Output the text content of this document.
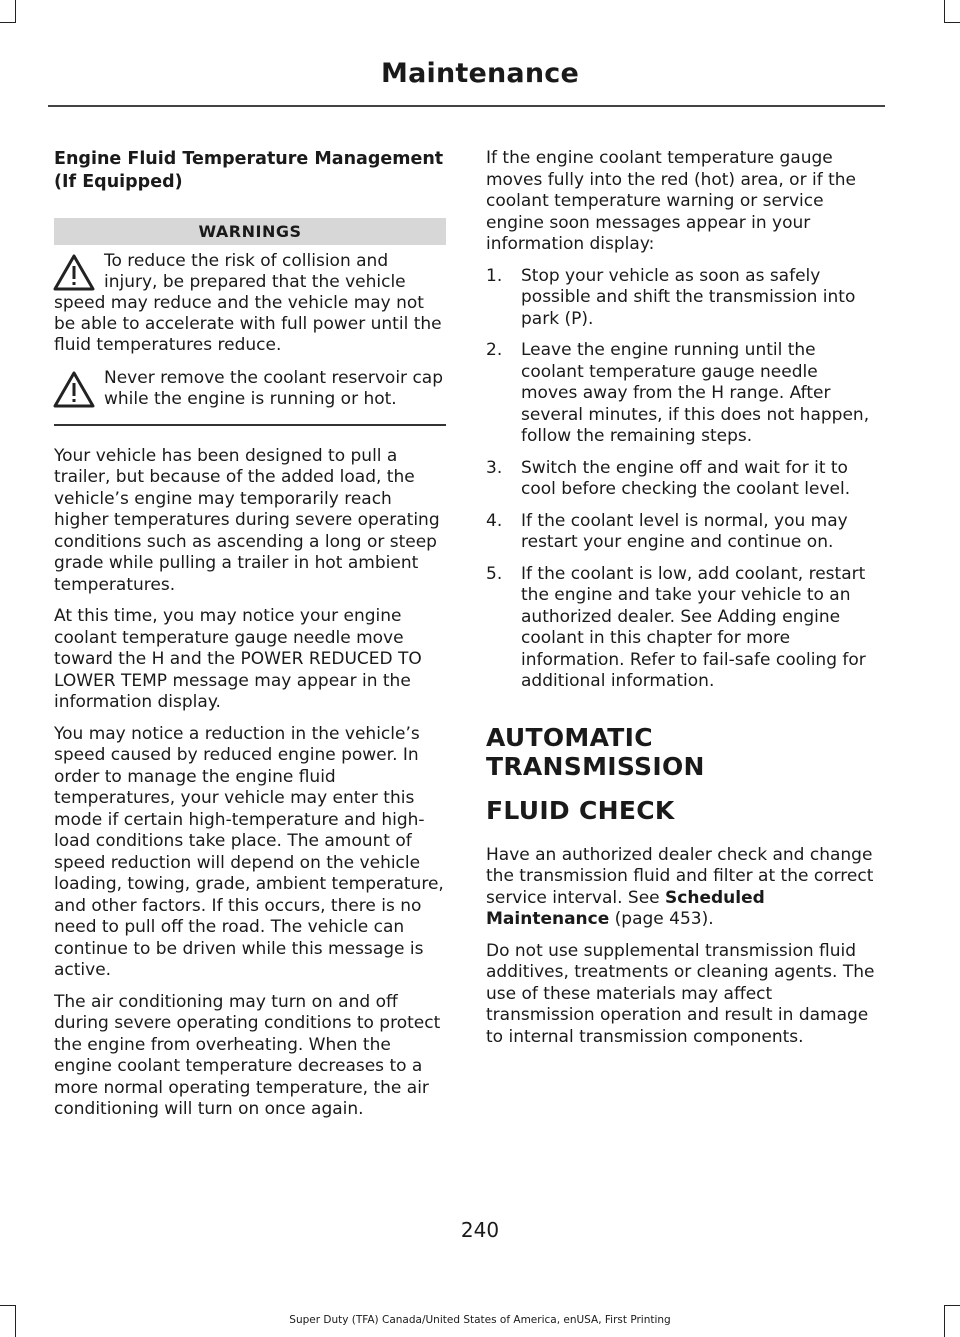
Maintenance
Engine Fluid Temperature Management (If Equipped)
WARNINGS
To reduce the risk of collision and injury, be prepared that the vehicle speed may reduce and the vehicle may not be able to accelerate with full power until the fluid temperatures reduce.
Never remove the coolant reservoir cap while the engine is running or hot.

Your vehicle has been designed to pull a trailer, but because of the added load, the vehicle’s engine may temporarily reach higher temperatures during severe operating conditions such as ascending a long or steep grade while pulling a trailer in hot ambient temperatures.

At this time, you may notice your engine coolant temperature gauge needle move toward the H and the POWER REDUCED TO LOWER TEMP message may appear in the information display.

You may notice a reduction in the vehicle’s speed caused by reduced engine power. In order to manage the engine fluid temperatures, your vehicle may enter this mode if certain high-temperature and high-load conditions take place. The amount of speed reduction will depend on the vehicle loading, towing, grade, ambient temperature, and other factors. If this occurs, there is no need to pull off the road. The vehicle can continue to be driven while this message is active.

The air conditioning may turn on and off during severe operating conditions to protect the engine from overheating. When the engine coolant temperature decreases to a more normal operating temperature, the air conditioning will turn on once again.

If the engine coolant temperature gauge moves fully into the red (hot) area, or if the coolant temperature warning or service engine soon messages appear in your information display:

1. Stop your vehicle as soon as safely possible and shift the transmission into park (P).
2. Leave the engine running until the coolant temperature gauge needle moves away from the H range. After several minutes, if this does not happen, follow the remaining steps.
3. Switch the engine off and wait for it to cool before checking the coolant level.
4. If the coolant level is normal, you may restart your engine and continue on.
5. If the coolant is low, add coolant, restart the engine and take your vehicle to an authorized dealer. See Adding engine coolant in this chapter for more information. Refer to fail-safe cooling for additional information.
AUTOMATIC TRANSMISSION
FLUID CHECK

Have an authorized dealer check and change the transmission fluid and filter at the correct service interval. See Scheduled Maintenance (page 453).

Do not use supplemental transmission fluid additives, treatments or cleaning agents. The use of these materials may affect transmission operation and result in damage to internal transmission components.

240
Super Duty (TFA) Canada/United States of America, enUSA, First Printing
